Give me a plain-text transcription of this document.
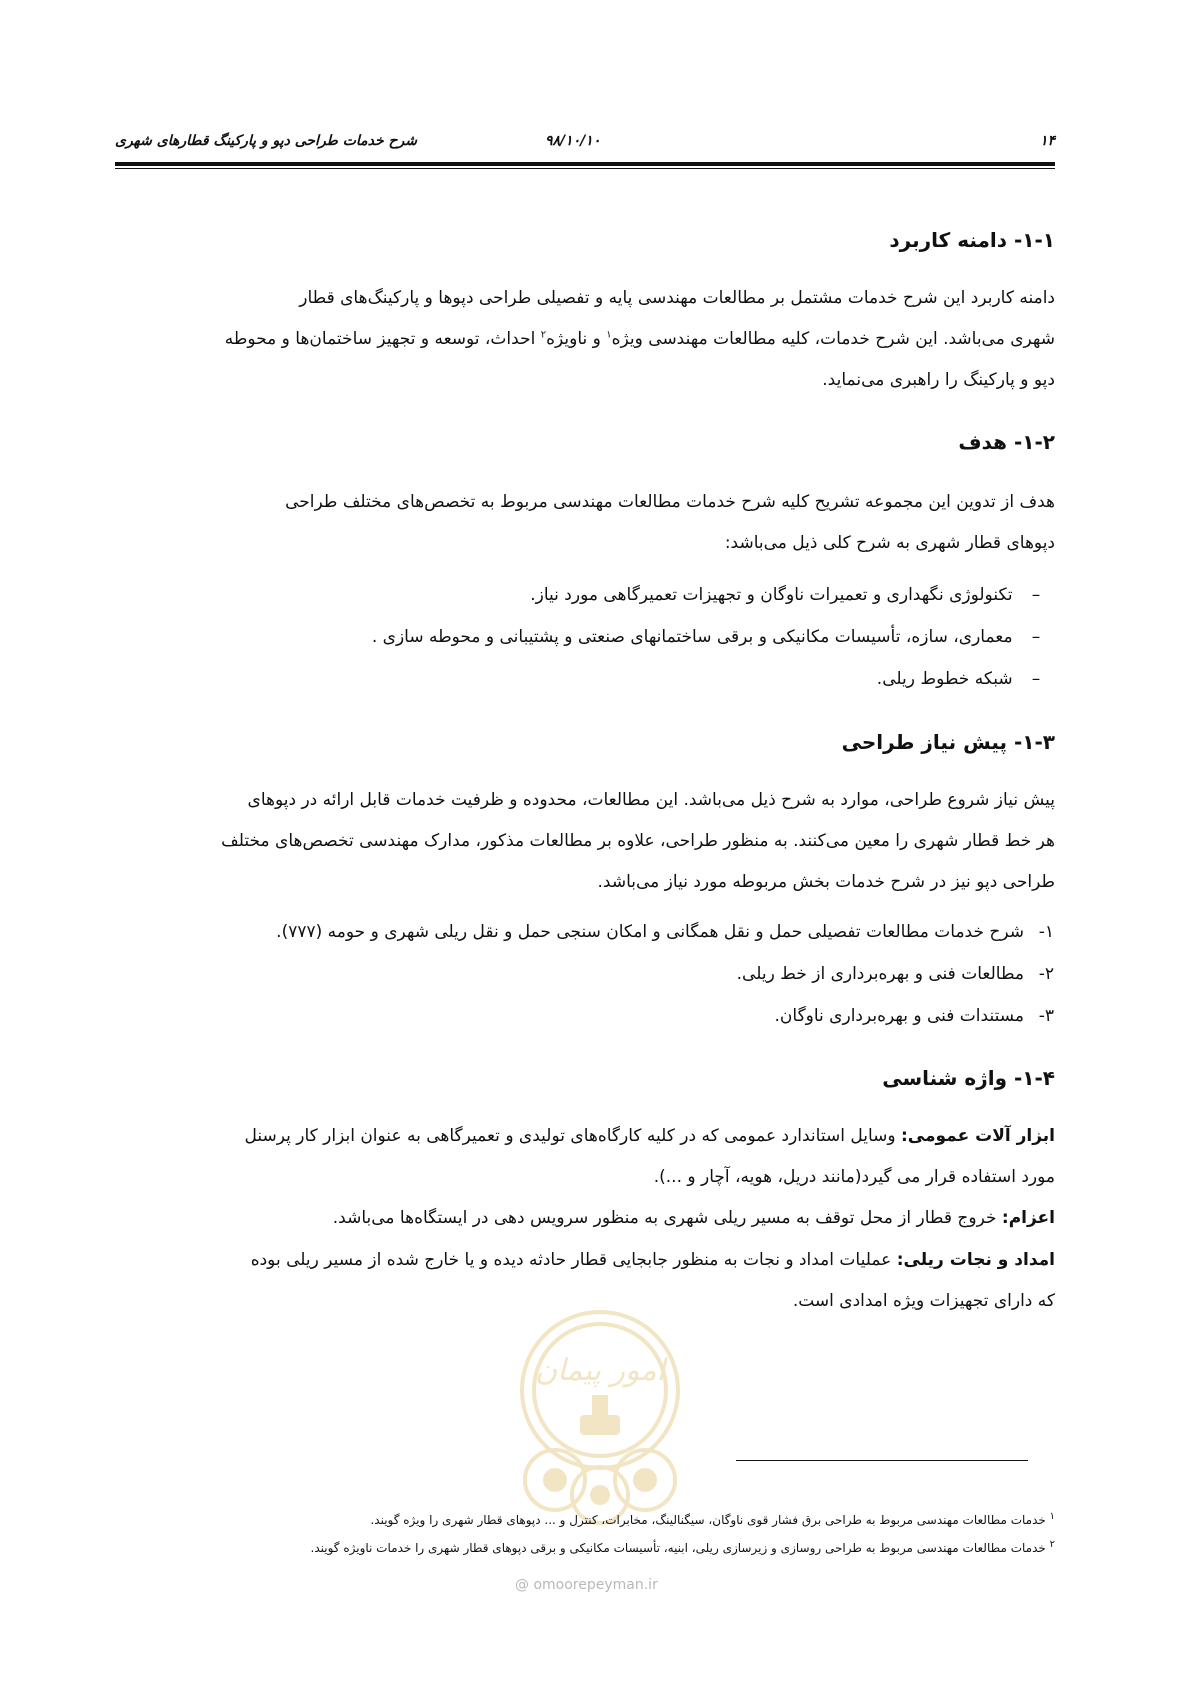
۱۴
۹۸/۱۰/۱۰
شرح خدمات طراحی دپو و پارکینگ قطارهای شهری
۱-۱- دامنه کاربرد
دامنه کاربرد این شرح خدمات مشتمل بر مطالعات مهندسی پایه و تفصیلی طراحی دپوها و پارکینگ‌های قطار
شهری می‌باشد. این شرح خدمات، کلیه مطالعات مهندسی ویژه$^۱$ و ناویژه$^۲$ احداث، توسعه و تجهیز ساختمان‌ها و محوطه
دپو و پارکینگ را راهبری می‌نماید.
۱-۲- هدف
هدف از تدوین این مجموعه تشریح کلیه شرح خدمات مطالعات مهندسی مربوط به تخصص‌های مختلف طراحی
دپوهای قطار شهری به شرح کلی ذیل می‌باشد:
– تکنولوژی نگهداری و تعمیرات ناوگان و تجهیزات تعمیرگاهی مورد نیاز.
– معماری، سازه، تأسیسات مکانیکی و برقی ساختمانهای صنعتی و پشتیبانی و محوطه سازی .
– شبکه خطوط ریلی.
۱-۳- پیش نیاز طراحی
پیش نیاز شروع طراحی، موارد به شرح ذیل می‌باشد. این مطالعات، محدوده و ظرفیت خدمات قابل ارائه در دپوهای
هر خط قطار شهری را معین می‌کنند. به منظور طراحی، علاوه بر مطالعات مذکور، مدارک مهندسی تخصص‌های مختلف
طراحی دپو نیز در شرح خدمات بخش مربوطه مورد نیاز می‌باشد.
۱-شرح خدمات مطالعات تفصیلی حمل و نقل همگانی و امکان سنجی حمل و نقل ریلی شهری و حومه (۷۷۷).
۲-مطالعات فنی و بهره‌برداری از خط ریلی.
۳-مستندات فنی و بهره‌برداری ناوگان.
۱-۴- واژه شناسی
ابزار آلات عمومی: وسایل استاندارد عمومی که در کلیه کارگاه‌های تولیدی و تعمیرگاهی به عنوان ابزار کار پرسنل
مورد استفاده قرار می گیرد(مانند دریل، هویه، آچار و ...).
اعزام: خروج قطار از محل توقف به مسیر ریلی شهری به منظور سرویس دهی در ایستگاه‌ها می‌باشد.
امداد و نجات ریلی: عملیات امداد و نجات به منظور جابجایی قطار حادثه دیده و یا خارج شده از مسیر ریلی بوده
که دارای تجهیزات ویژه امدادی است.
امور پیمان
@ omoorepeyman.ir
$^۱$ خدمات مطالعات مهندسی مربوط به طراحی برق فشار قوی ناوگان، سیگنالینگ، مخابرات، کنترل و ... دپوهای قطار شهری را ویژه گویند.
$^۲$ خدمات مطالعات مهندسی مربوط به طراحی روسازی و زیرسازی ریلی، ابنیه، تأسیسات مکانیکی و برقی دپوهای قطار شهری را خدمات ناویژه گویند.
